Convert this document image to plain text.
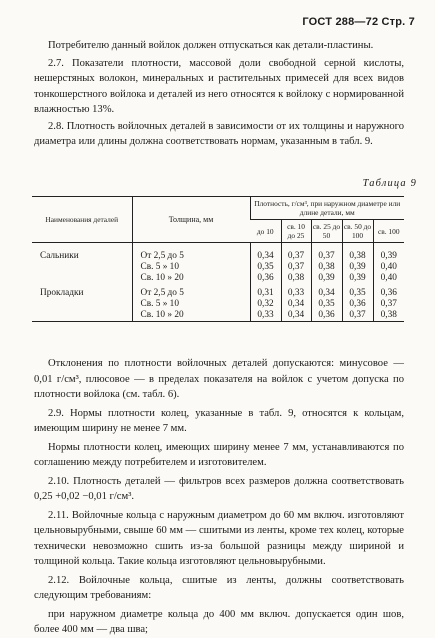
ГОСТ 288—72 Стр. 7

Потребителю данный войлок должен отпускаться как детали-пластины.

2.7. Показатели плотности, массовой доли свободной серной кислоты, нешерстяных волокон, минеральных и растительных примесей для всех видов тонкошерстного войлока и деталей из него относятся к войлоку с нормированной влажностью 13%.

2.8. Плотность войлочных деталей в зависимости от их толщины и наружного диаметра или длины должна соответствовать нормам, указанным в табл. 9.

Таблица 9
Наименования деталей	Толщина, мм	Плотность, г/см³, при наружном диаметре или длине детали, мм				
		до 10	св. 10 до 25	св. 25 до 50	св. 50 до 100	св. 100

Сальники	От 2,5 до 5	0,34	0,37	0,37	0,38	0,39
	Св. 5 » 10	0,35	0,37	0,38	0,39	0,40
	Св. 10 » 20	0,36	0,38	0,39	0,39	0,40

Прокладки	От 2,5 до 5	0,31	0,33	0,34	0,35	0,36
	Св. 5 » 10	0,32	0,34	0,35	0,36	0,37
	Св. 10 » 20	0,33	0,34	0,36	0,37	0,38

Отклонения по плотности войлочных деталей допускаются: минусовое — 0,01 г/см³, плюсовое — в пределах показателя на войлок с учетом допуска по плотности войлока (см. табл. 6).

2.9. Нормы плотности колец, указанные в табл. 9, относятся к кольцам, имеющим ширину не менее 7 мм.

Нормы плотности колец, имеющих ширину менее 7 мм, устанавливаются по соглашению между потребителем и изготовителем.

2.10. Плотность деталей — фильтров всех размеров должна соответствовать 0,25 +0,02 −0,01 г/см³.

2.11. Войлочные кольца с наружным диаметром до 60 мм включ. изготовляют цельновырубными, свыше 60 мм — сшитыми из ленты, кроме тех колец, которые технически невозможно сшить из-за большой разницы между шириной и толщиной кольца. Такие кольца изготовляют цельновырубными.

2.12. Войлочные кольца, сшитые из ленты, должны соответствовать следующим требованиям:

при наружном диаметре кольца до 400 мм включ. допускается один шов, более 400 мм — два шва;
